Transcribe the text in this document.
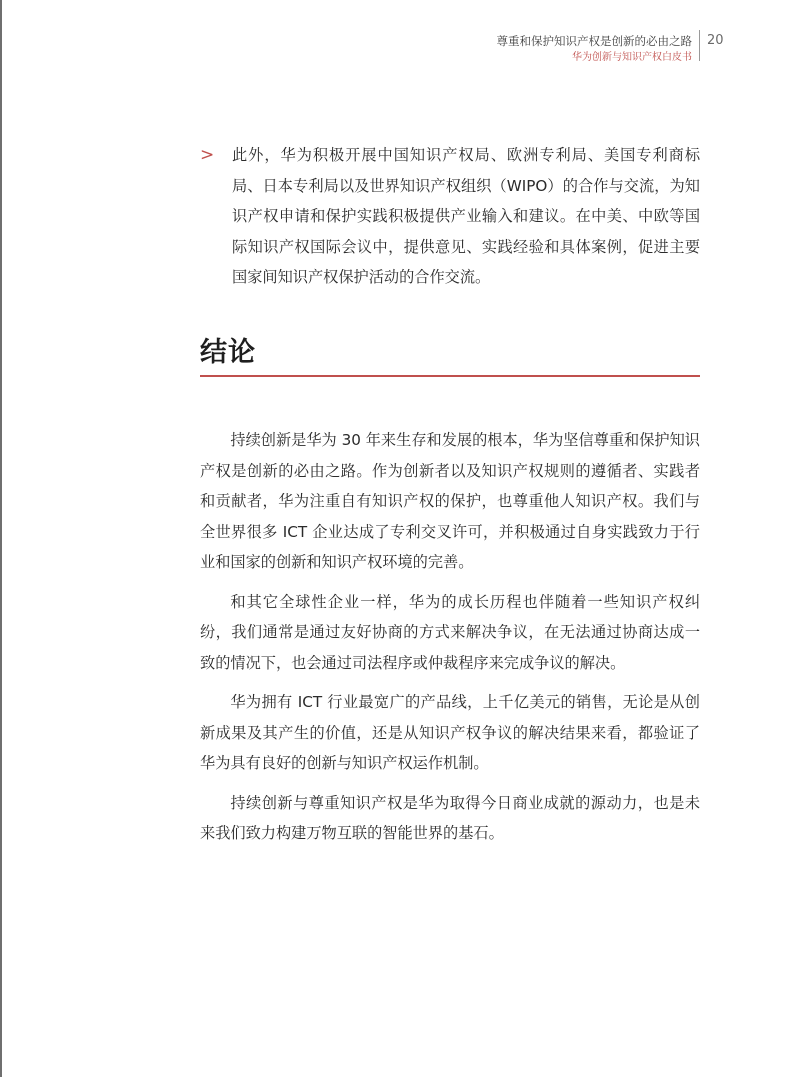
尊重和保护知识产权是创新的必由之路
华为创新与知识产权白皮书
20
> 此外，华为积极开展中国知识产权局、欧洲专利局、美国专利商标局、日本专利局以及世界知识产权组织（WIPO）的合作与交流，为知识产权申请和保护实践积极提供产业输入和建议。在中美、中欧等国际知识产权国际会议中，提供意见、实践经验和具体案例，促进主要国家间知识产权保护活动的合作交流。

结论

持续创新是华为 30 年来生存和发展的根本，华为坚信尊重和保护知识产权是创新的必由之路。作为创新者以及知识产权规则的遵循者、实践者和贡献者，华为注重自有知识产权的保护，也尊重他人知识产权。我们与全世界很多 ICT 企业达成了专利交叉许可，并积极通过自身实践致力于行业和国家的创新和知识产权环境的完善。

和其它全球性企业一样，华为的成长历程也伴随着一些知识产权纠纷，我们通常是通过友好协商的方式来解决争议，在无法通过协商达成一致的情况下，也会通过司法程序或仲裁程序来完成争议的解决。

华为拥有 ICT 行业最宽广的产品线，上千亿美元的销售，无论是从创新成果及其产生的价值，还是从知识产权争议的解决结果来看，都验证了华为具有良好的创新与知识产权运作机制。

持续创新与尊重知识产权是华为取得今日商业成就的源动力，也是未来我们致力构建万物互联的智能世界的基石。
